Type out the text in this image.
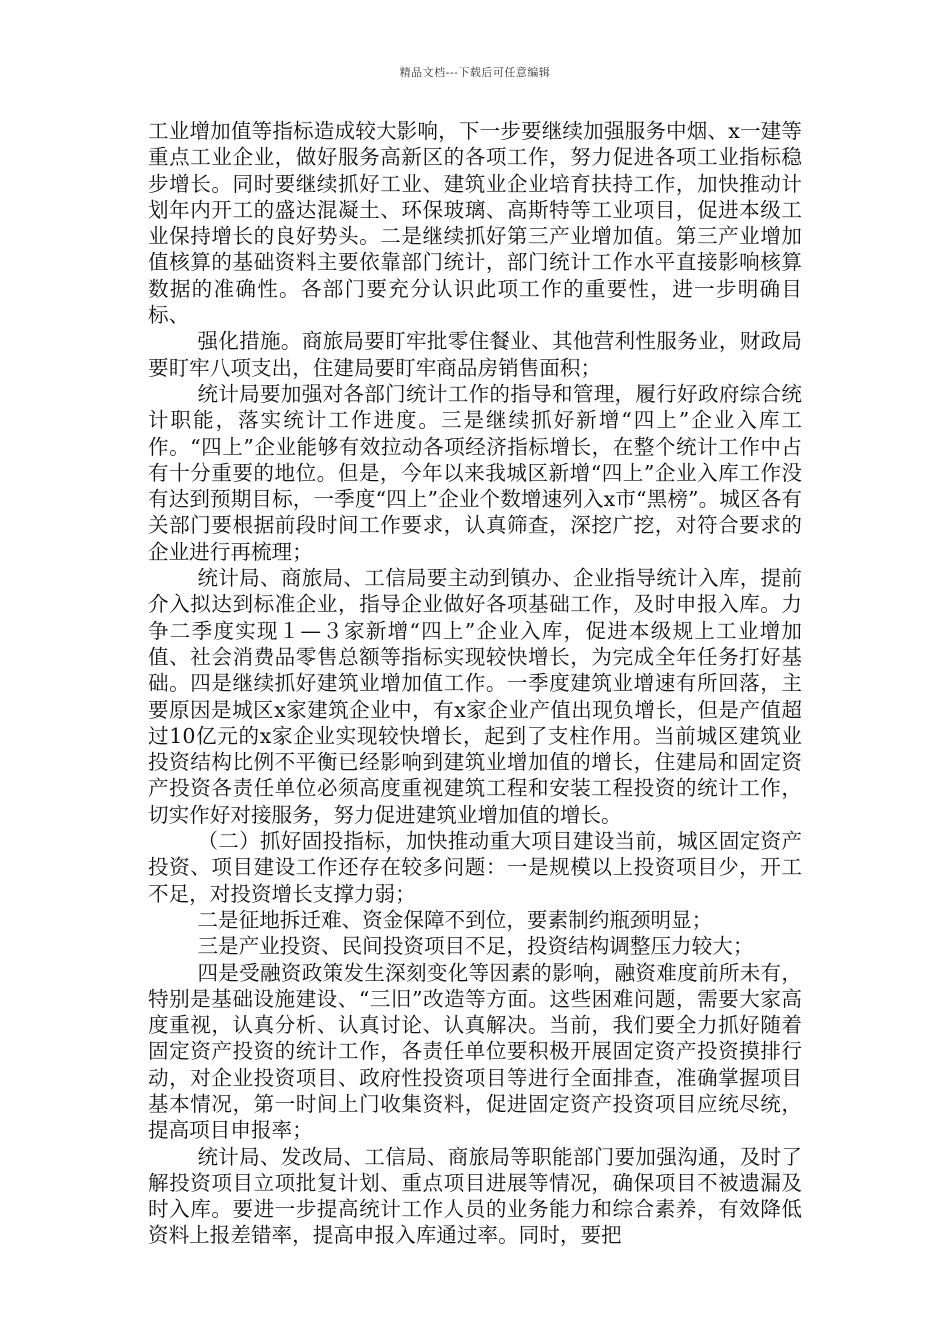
精品文档---下载后可任意编辑

工业增加值等指标造成较大影响，下一步要继续加强服务中烟、x一建等重点工业企业，做好服务高新区的各项工作，努力促进各项工业指标稳步增长。同时要继续抓好工业、建筑业企业培育扶持工作，加快推动计划年内开工的盛达混凝土、环保玻璃、高斯特等工业项目，促进本级工业保持增长的良好势头。二是继续抓好第三产业增加值。第三产业增加值核算的基础资料主要依靠部门统计，部门统计工作水平直接影响核算数据的准确性。各部门要充分认识此项工作的重要性，进一步明确目标、

强化措施。商旅局要盯牢批零住餐业、其他营利性服务业，财政局要盯牢八项支出，住建局要盯牢商品房销售面积；

统计局要加强对各部门统计工作的指导和管理，履行好政府综合统计职能，落实统计工作进度。三是继续抓好新增“四上”企业入库工作。“四上”企业能够有效拉动各项经济指标增长，在整个统计工作中占有十分重要的地位。但是，今年以来我城区新增“四上”企业入库工作没有达到预期目标，一季度“四上”企业个数增速列入x市“黑榜”。城区各有关部门要根据前段时间工作要求，认真筛查，深挖广挖，对符合要求的企业进行再梳理；

统计局、商旅局、工信局要主动到镇办、企业指导统计入库，提前介入拟达到标准企业，指导企业做好各项基础工作，及时申报入库。力争二季度实现１—３家新增“四上”企业入库，促进本级规上工业增加值、社会消费品零售总额等指标实现较快增长，为完成全年任务打好基础。四是继续抓好建筑业增加值工作。一季度建筑业增速有所回落，主要原因是城区x家建筑企业中，有x家企业产值出现负增长，但是产值超过10亿元的x家企业实现较快增长，起到了支柱作用。当前城区建筑业投资结构比例不平衡已经影响到建筑业增加值的增长，住建局和固定资产投资各责任单位必须高度重视建筑工程和安装工程投资的统计工作，切实作好对接服务，努力促进建筑业增加值的增长。

（二）抓好固投指标，加快推动重大项目建设当前，城区固定资产投资、项目建设工作还存在较多问题：一是规模以上投资项目少，开工不足，对投资增长支撑力弱；

二是征地拆迁难、资金保障不到位，要素制约瓶颈明显；

三是产业投资、民间投资项目不足，投资结构调整压力较大；

四是受融资政策发生深刻变化等因素的影响，融资难度前所未有，特别是基础设施建设、“三旧”改造等方面。这些困难问题，需要大家高度重视，认真分析、认真讨论、认真解决。当前，我们要全力抓好随着固定资产投资的统计工作，各责任单位要积极开展固定资产投资摸排行动，对企业投资项目、政府性投资项目等进行全面排查，准确掌握项目基本情况，第一时间上门收集资料，促进固定资产投资项目应统尽统，提高项目申报率；

统计局、发改局、工信局、商旅局等职能部门要加强沟通，及时了解投资项目立项批复计划、重点项目进展等情况，确保项目不被遗漏及时入库。要进一步提高统计工作人员的业务能力和综合素养，有效降低资料上报差错率，提高申报入库通过率。同时，要把
